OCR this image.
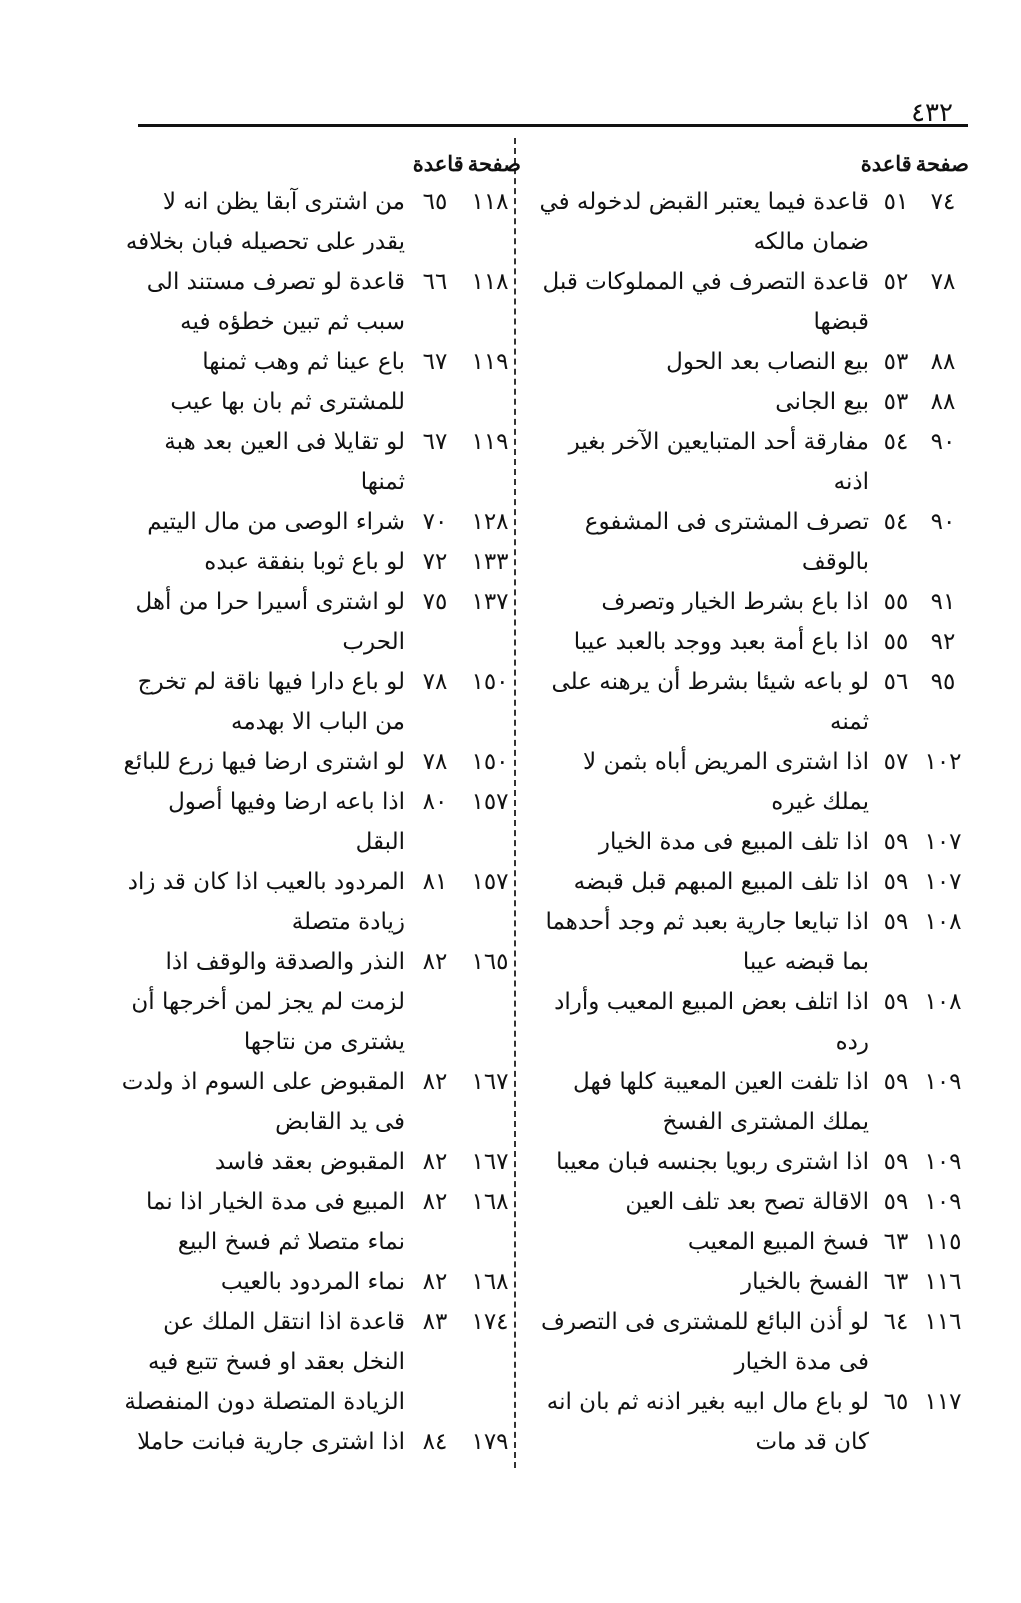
٤٣٢
صفحة
قاعدة
٧٤
٥١
قاعدة فيما يعتبر القبض لدخوله في ضمان مالكه
٧٨
٥٢
قاعدة التصرف في المملوكات قبل قبضها
٨٨
٥٣
بيع النصاب بعد الحول
٨٨
٥٣
بيع الجانى
٩٠
٥٤
مفارقة أحد المتبايعين الآخر بغير اذنه
٩٠
٥٤
تصرف المشترى فى المشفوع بالوقف
٩١
٥٥
اذا باع بشرط الخيار وتصرف
٩٢
٥٥
اذا باع أمة بعبد ووجد بالعبد عيبا
٩٥
٥٦
لو باعه شيئا بشرط أن يرهنه على ثمنه
١٠٢
٥٧
اذا اشترى المريض أباه بثمن لا يملك غيره
١٠٧
٥٩
اذا تلف المبيع فى مدة الخيار
١٠٧
٥٩
اذا تلف المبيع المبهم قبل قبضه
١٠٨
٥٩
اذا تبايعا جارية بعبد ثم وجد أحدهما بما قبضه عيبا
١٠٨
٥٩
اذا اتلف بعض المبيع المعيب وأراد رده
١٠٩
٥٩
اذا تلفت العين المعيبة كلها فهل يملك المشترى الفسخ
١٠٩
٥٩
اذا اشترى ربويا بجنسه فبان معيبا
١٠٩
٥٩
الاقالة تصح بعد تلف العين
١١٥
٦٣
فسخ المبيع المعيب
١١٦
٦٣
الفسخ بالخيار
١١٦
٦٤
لو أذن البائع للمشترى فى التصرف فى مدة الخيار
١١٧
٦٥
لو باع مال ابيه بغير اذنه ثم بان انه كان قد مات
صفحة
قاعدة
١١٨
٦٥
من اشترى آبقا يظن انه لا يقدر على تحصيله فبان بخلافه
١١٨
٦٦
قاعدة لو تصرف مستند الى سبب ثم تبين خطؤه فيه
١١٩
٦٧
باع عينا ثم وهب ثمنها للمشترى ثم بان بها عيب
١١٩
٦٧
لو تقايلا فى العين بعد هبة ثمنها
١٢٨
٧٠
شراء الوصى من مال اليتيم
١٣٣
٧٢
لو باع ثوبا بنفقة عبده
١٣٧
٧٥
لو اشترى أسيرا حرا من أهل الحرب
١٥٠
٧٨
لو باع دارا فيها ناقة لم تخرج من الباب الا بهدمه
١٥٠
٧٨
لو اشترى ارضا فيها زرع للبائع
١٥٧
٨٠
اذا باعه ارضا وفيها أصول البقل
١٥٧
٨١
المردود بالعيب اذا كان قد زاد زيادة متصلة
١٦٥
٨٢
النذر والصدقة والوقف اذا لزمت لم يجز لمن أخرجها أن يشترى من نتاجها
١٦٧
٨٢
المقبوض على السوم اذ ولدت فى يد القابض
١٦٧
٨٢
المقبوض بعقد فاسد
١٦٨
٨٢
المبيع فى مدة الخيار اذا نما نماء متصلا ثم فسخ البيع
١٦٨
٨٢
نماء المردود بالعيب
١٧٤
٨٣
قاعدة اذا انتقل الملك عن النخل بعقد او فسخ تتبع فيه الزيادة المتصلة دون المنفصلة
١٧٩
٨٤
اذا اشترى جارية فبانت حاملا
